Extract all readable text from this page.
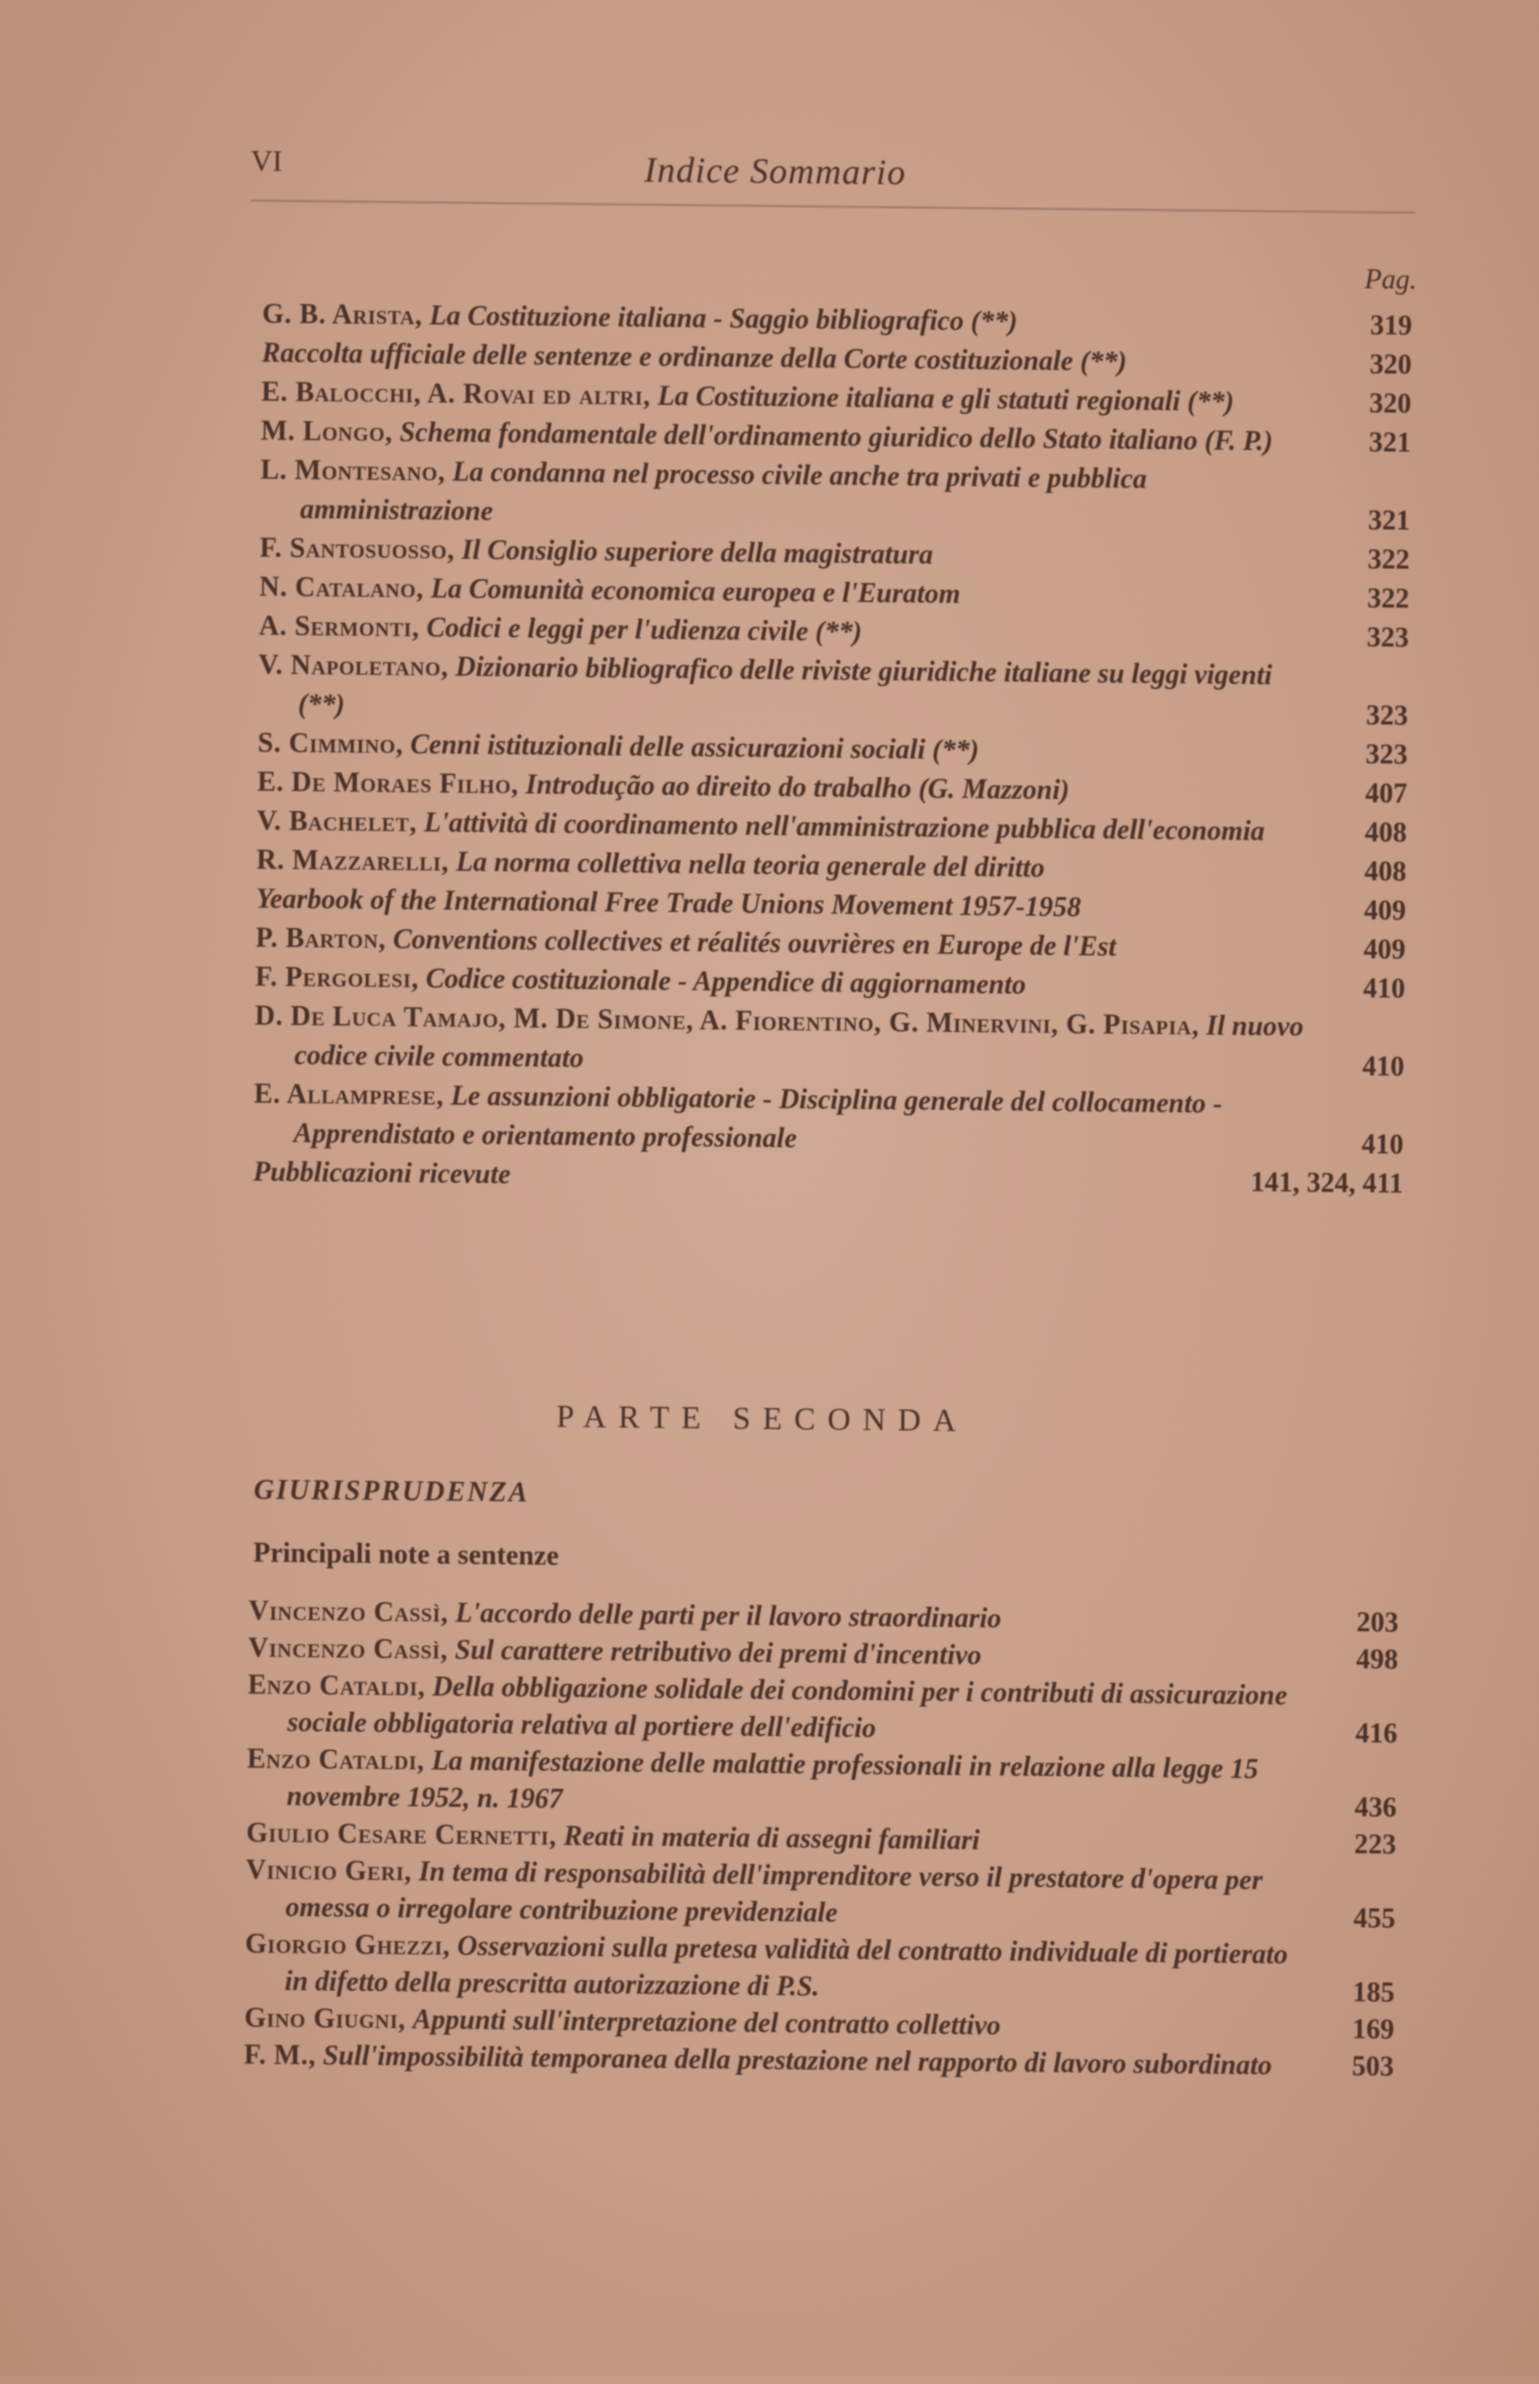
VI	Indice Sommario
Pag.
G. B. Arista, La Costituzione italiana - Saggio bibliografico (**)	319
Raccolta ufficiale delle sentenze e ordinanze della Corte costituzionale (**)	320
E. Balocchi, A. Rovai ed altri, La Costituzione italiana e gli statuti regionali (**)	320
M. Longo, Schema fondamentale dell'ordinamento giuridico dello Stato italiano (F. P.)	321
L. Montesano, La condanna nel processo civile anche tra privati e pubblica amministrazione	321
F. Santosuosso, Il Consiglio superiore della magistratura	322
N. Catalano, La Comunità economica europea e l'Euratom	322
A. Sermonti, Codici e leggi per l'udienza civile (**)	323
V. Napoletano, Dizionario bibliografico delle riviste giuridiche italiane su leggi vigenti (**)	323
S. Cimmino, Cenni istituzionali delle assicurazioni sociali (**)	323
E. De Moraes Filho, Introdução ao direito do trabalho (G. Mazzoni)	407
V. Bachelet, L'attività di coordinamento nell'amministrazione pubblica dell'economia	408
R. Mazzarelli, La norma collettiva nella teoria generale del diritto	408
Yearbook of the International Free Trade Unions Movement 1957-1958	409
P. Barton, Conventions collectives et réalités ouvrières en Europe de l'Est	409
F. Pergolesi, Codice costituzionale - Appendice di aggiornamento	410
D. De Luca Tamajo, M. De Simone, A. Fiorentino, G. Minervini, G. Pisapia, Il nuovo codice civile commentato	410
E. Allamprese, Le assunzioni obbligatorie - Disciplina generale del collocamento - Apprendistato e orientamento professionale	410
Pubblicazioni ricevute	141, 324, 411
PARTE SECONDA
GIURISPRUDENZA
Principali note a sentenze
Vincenzo Cassì, L'accordo delle parti per il lavoro straordinario	203
Vincenzo Cassì, Sul carattere retributivo dei premi d'incentivo	498
Enzo Cataldi, Della obbligazione solidale dei condomini per i contributi di assicurazione sociale obbligatoria relativa al portiere dell'edificio	416
Enzo Cataldi, La manifestazione delle malattie professionali in relazione alla legge 15 novembre 1952, n. 1967	436
Giulio Cesare Cernetti, Reati in materia di assegni familiari	223
Vinicio Geri, In tema di responsabilità dell'imprenditore verso il prestatore d'opera per omessa o irregolare contribuzione previdenziale	455
Giorgio Ghezzi, Osservazioni sulla pretesa validità del contratto individuale di portierato in difetto della prescritta autorizzazione di P.S.	185
Gino Giugni, Appunti sull'interpretazione del contratto collettivo	169
F. M., Sull'impossibilità temporanea della prestazione nel rapporto di lavoro subordinato	503
